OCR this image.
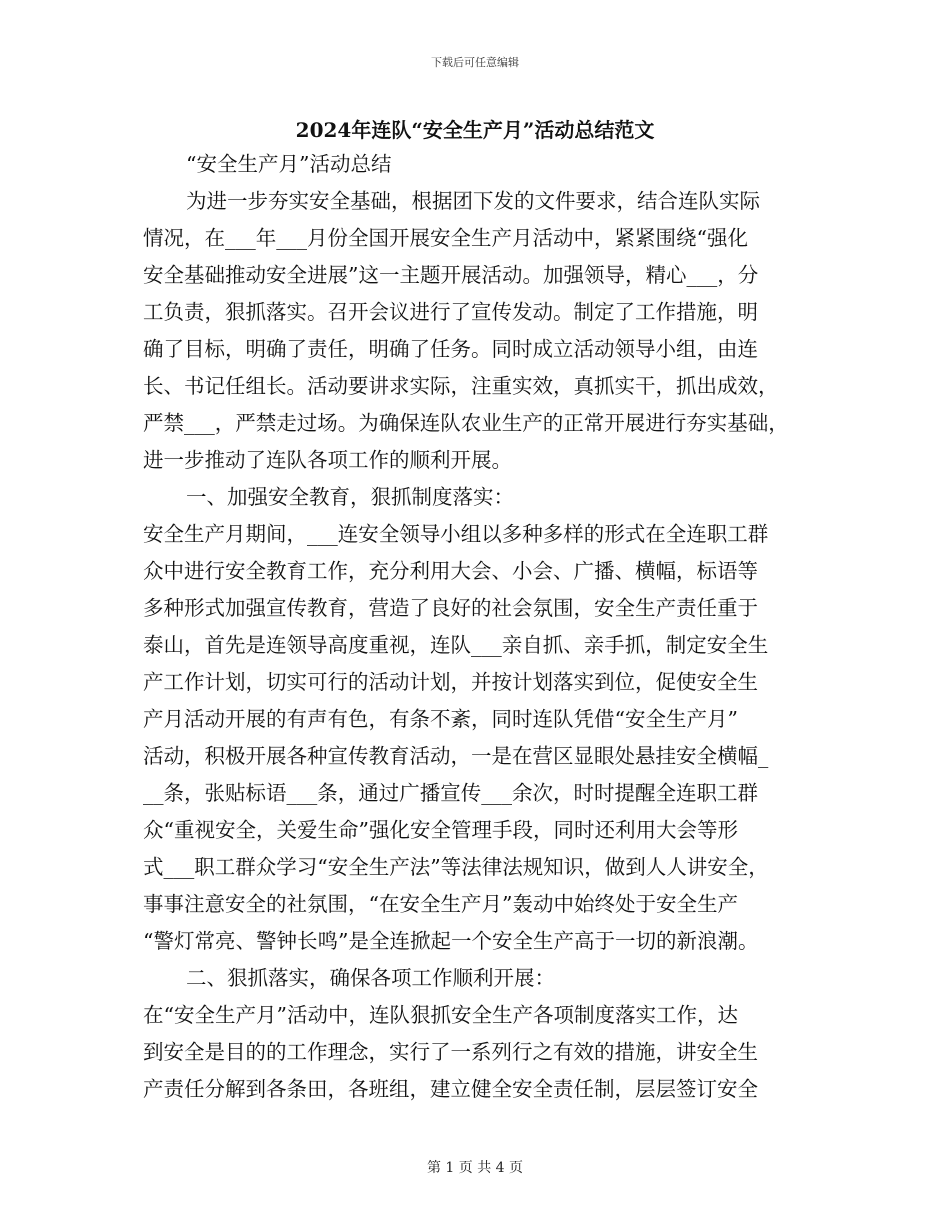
下载后可任意编辑
2024年连队“安全生产月”活动总结范文
“安全生产月”活动总结
为进一步夯实安全基础，根据团下发的文件要求，结合连队实际
情况，在___年___月份全国开展安全生产月活动中，紧紧围绕“强化
安全基础推动安全进展”这一主题开展活动。加强领导，精心___，分
工负责，狠抓落实。召开会议进行了宣传发动。制定了工作措施，明
确了目标，明确了责任，明确了任务。同时成立活动领导小组，由连
长、书记任组长。活动要讲求实际，注重实效，真抓实干，抓出成效，
严禁___，严禁走过场。为确保连队农业生产的正常开展进行夯实基础，
进一步推动了连队各项工作的顺利开展。
一、加强安全教育，狠抓制度落实：
安全生产月期间，___连安全领导小组以多种多样的形式在全连职工群
众中进行安全教育工作，充分利用大会、小会、广播、横幅，标语等
多种形式加强宣传教育，营造了良好的社会氛围，安全生产责任重于
泰山，首先是连领导高度重视，连队___亲自抓、亲手抓，制定安全生
产工作计划，切实可行的活动计划，并按计划落实到位，促使安全生
产月活动开展的有声有色，有条不紊，同时连队凭借“安全生产月”
活动，积极开展各种宣传教育活动，一是在营区显眼处悬挂安全横幅_
__条，张贴标语___条，通过广播宣传___余次，时时提醒全连职工群
众“重视安全，关爱生命”强化安全管理手段，同时还利用大会等形
式___职工群众学习“安全生产法”等法律法规知识，做到人人讲安全，
事事注意安全的社氛围，“在安全生产月”轰动中始终处于安全生产
“警灯常亮、警钟长鸣”是全连掀起一个安全生产高于一切的新浪潮。
二、狠抓落实，确保各项工作顺利开展：
在“安全生产月”活动中，连队狠抓安全生产各项制度落实工作，达
到安全是目的的工作理念，实行了一系列行之有效的措施，讲安全生
产责任分解到各条田，各班组，建立健全安全责任制，层层签订安全
第 1 页 共 4 页
